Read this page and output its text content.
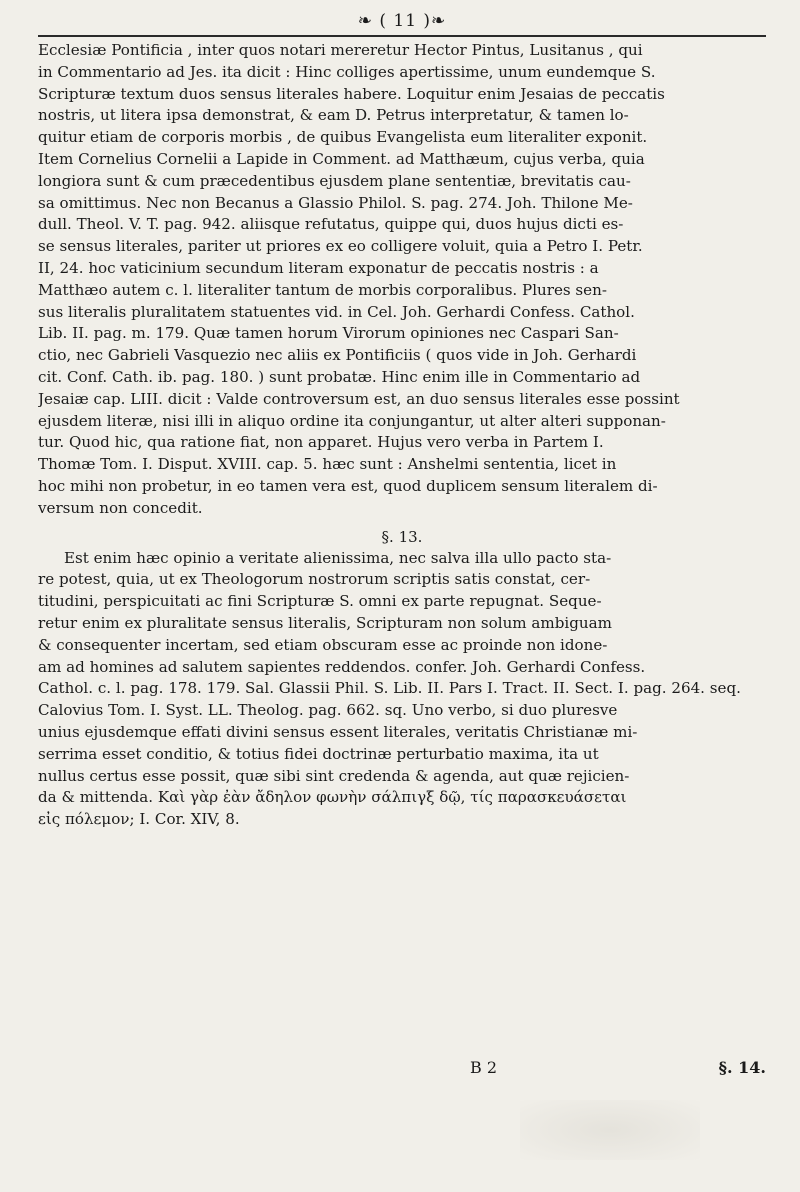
❧ ( 11 )❧
Ecclesiæ Pontificia , inter quos notari mereretur Hector Pintus, Lusitanus , qui
in Commentario ad Jes. ita dicit : Hinc colliges apertissime, unum eundemque S.
Scripturæ textum duos sensus literales habere. Loquitur enim Jesaias de peccatis
nostris, ut litera ipsa demonstrat, & eam D. Petrus interpretatur, & tamen lo-
quitur etiam de corporis morbis , de quibus Evangelista eum literaliter exponit.
Item Cornelius Cornelii a Lapide in Comment. ad Matthæum, cujus verba, quia
longiora sunt & cum præcedentibus ejusdem plane sententiæ, brevitatis cau-
sa omittimus. Nec non Becanus a Glassio Philol. S. pag. 274. Joh. Thilone Me-
dull. Theol. V. T. pag. 942. aliisque refutatus, quippe qui, duos hujus dicti es-
se sensus literales, pariter ut priores ex eo colligere voluit, quia a Petro I. Petr.
II, 24. hoc vaticinium secundum literam exponatur de peccatis nostris : a
Matthæo autem c. l. literaliter tantum de morbis corporalibus. Plures sen-
sus literalis pluralitatem statuentes vid. in Cel. Joh. Gerhardi Confess. Cathol.
Lib. II. pag. m. 179. Quæ tamen horum Virorum opiniones nec Caspari San-
ctio, nec Gabrieli Vasquezio nec aliis ex Pontificiis ( quos vide in Joh. Gerhardi
cit. Conf. Cath. ib. pag. 180. ) sunt probatæ. Hinc enim ille in Commentario ad
Jesaiæ cap. LIII. dicit : Valde controversum est, an duo sensus literales esse possint
ejusdem literæ, nisi illi in aliquo ordine ita conjungantur, ut alter alteri supponan-
tur. Quod hic, qua ratione fiat, non apparet. Hujus vero verba in Partem I.
Thomæ Tom. I. Disput. XVIII. cap. 5. hæc sunt : Anshelmi sententia, licet in
hoc mihi non probetur, in eo tamen vera est, quod duplicem sensum literalem di-
versum non concedit.
§. 13.
Est enim hæc opinio a veritate alienissima, nec salva illa ullo pacto sta-
re potest, quia, ut ex Theologorum nostrorum scriptis satis constat, cer-
titudini, perspicuitati ac fini Scripturæ S. omni ex parte repugnat. Seque-
retur enim ex pluralitate sensus literalis, Scripturam non solum ambiguam
& consequenter incertam, sed etiam obscuram esse ac proinde non idone-
am ad homines ad salutem sapientes reddendos. confer. Joh. Gerhardi Confess.
Cathol. c. l. pag. 178. 179. Sal. Glassii Phil. S. Lib. II. Pars I. Tract. II. Sect. I. pag. 264. seq.
Calovius Tom. I. Syst. LL. Theolog. pag. 662. sq. Uno verbo, si duo pluresve
unius ejusdemque effati divini sensus essent literales, veritatis Christianæ mi-
serrima esset conditio, & totius fidei doctrinæ perturbatio maxima, ita ut
nullus certus esse possit, quæ sibi sint credenda & agenda, aut quæ rejicien-
da & mittenda. Καὶ γὰρ ἐὰν ἄδηλον φωνὴν σάλπιγξ δῷ, τίς παρασκευάσεται
εἰς πόλεμον; I. Cor. XIV, 8.
B 2	§. 14.
